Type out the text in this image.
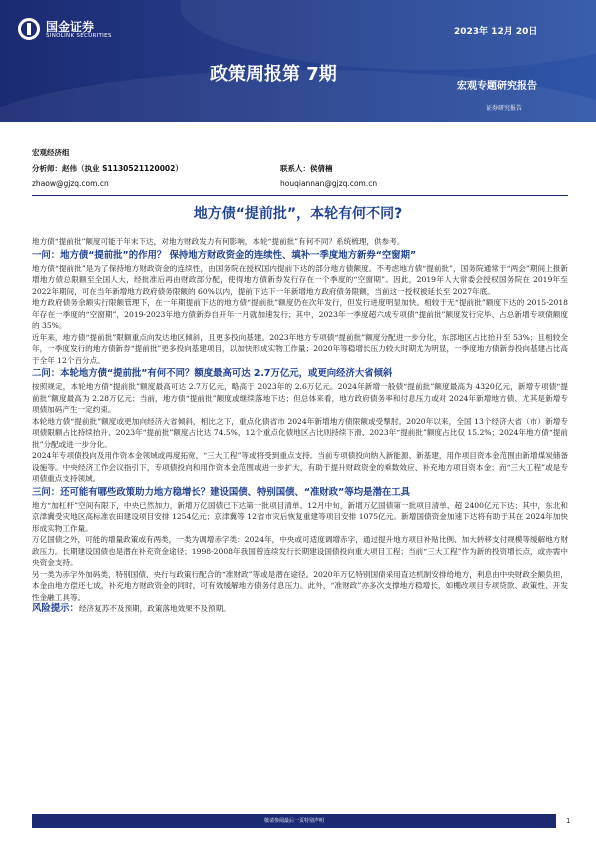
国金证券
SINOLINK SECURITIES	2023年 12月 20日
政策周报第 7期
宏观专题研究报告
证券研究报告
宏观经济组
分析师：赵伟（执业 S1130521120002）	联系人：侯倩楠
zhaow@gjzq.com.cn	houqiannan@gjzq.com.cn
地方债“提前批”，本轮有何不同?

地方债“提前批”额度可能于年末下达，对地方财政发力有何影响，本轮“提前批”有何不同？系统梳理，供参考。

一问：地方债“提前批”的作用？ 保持地方财政资金的连续性、填补一季度地方新券“空窗期”

地方债“提前批”是为了保持地方财政资金的连续性，由国务院在授权国内提前下达的部分地方债额度。不考虑地方债“提前批”，国务院通常于“两会”期间上报新增地方债总限额至全国人大，经批准后再由财政部分配，使得地方债新券发行存在一个季度的“空窗期”。因此，2019年人大常委会授权国务院在 2019年至 2022年期间，可在当年新增地方政府债务限额的 60%以内，提前下达下一年新增地方政府债务限额，当前这一授权被延长至 2027年底。

地方政府债务余额实行限额管理下，在一年期提前下达的地方债“提前批”额度仍在次年发行，但发行进度明显加快。相较于无“提前批”额度下达的 2015-2018年存在一季度的“空窗期”，2019-2023年地方债新券自开年一月就加速发行；其中，2023年一季度超六成专项债“提前批”额度发行完毕、占总新增专项债额度的 35%。

近年来，地方债“提前批”限额重点向发达地区倾斜，且更多投向基建。2023年地方专项债“提前批”额度分配进一步分化，东部地区占比抬升至 53%；且相较全年，一季度发行的地方债新券“提前批”更多投向基建项目，以加快形成实物工作量；2020年等稳增长压力较大时期尤为明显，一季度地方债新券投向基建占比高于全年 12个百分点。

二问：本轮地方债“提前批”有何不同？额度最高可达 2.7万亿元，或更向经济大省倾斜

按照规定，本轮地方债“提前批”额度最高可达 2.7万亿元，略高于 2023年的 2.6万亿元。2024年新增一般债“提前批”额度最高为 4320亿元，新增专项债“提前批”额度最高为 2.28万亿元；当前，地方债“提前批”额度或继续落地下达；但总体来看，地方政府债务率和付息压力或对 2024年新增地方债、尤其是新增专项债加码产生一定约束。

本轮地方债“提前批”额度或更加向经济大省倾斜，相比之下，重点化债省市 2024年新增地方债限额或受掣肘。2020年以来，全国 13个经济大省（市）新增专项债限额占比持续抬升、2023年“提前批”额度占比达 74.5%，12个重点化债地区占比则持续下滑、2023年“提前批”额度占比仅 15.2%；2024年地方债“提前批”分配或进一步分化。

2024年专项债投向及用作资本金领域或再度拓宽，“三大工程”等或将受到重点支持。当前专项债投向纳入新能源、新基建，用作项目资本金范围由新增煤炭储备设施等。中央经济工作会议指引下，专项债投向和用作资本金范围或进一步扩大，有助于提升财政资金的乘数效应、补充地方项目资本金；而“三大工程”或是专项债重点支持领域。

三问：还可能有哪些政策助力地方稳增长？建设国债、特别国债、“准财政”等均是潜在工具

地方“加杠杆”空间有限下，中央已然加力，新增万亿国债已下达第一批项目清单。12月中旬，新增万亿国债第一批项目清单、超 2400亿元下达；其中，东北和京津冀受灾地区高标准农田建设项目安排 1254亿元；京津冀等 12省市灾后恢复重建等项目安排 1075亿元。新增国债资金加速下达将有助于其在 2024年加快形成实物工作量。

万亿国债之外，可能的增量政策或有两类，一类为调增赤字类：2024年，中央或可适度调增赤字，通过提升地方项目补贴比例、加大转移支付规模等缓解地方财政压力。长期建设国债也是潜在补充资金途径；1998-2008年我国曾连续发行长期建设国债投向重大项目工程；当前“三大工程”作为新的投资增长点，或亦需中央资金支持。

另一类为赤字外加码类，特别国债、央行与政策行配合的“准财政”等或是潜在途径。2020年万亿特别国债采用直达机制安排给地方，利息由中央财政全额负担，本金由地方偿还七成，补充地方财政资金的同时，可有效缓解地方债务付息压力。此外，“准财政”亦多次支撑地方稳增长，如棚改项目专项贷款、政策性、开发性金融工具等。

风险提示：经济复苏不及预期，政策落地效果不及预期。

敬请参阅最后一页特别声明	1
